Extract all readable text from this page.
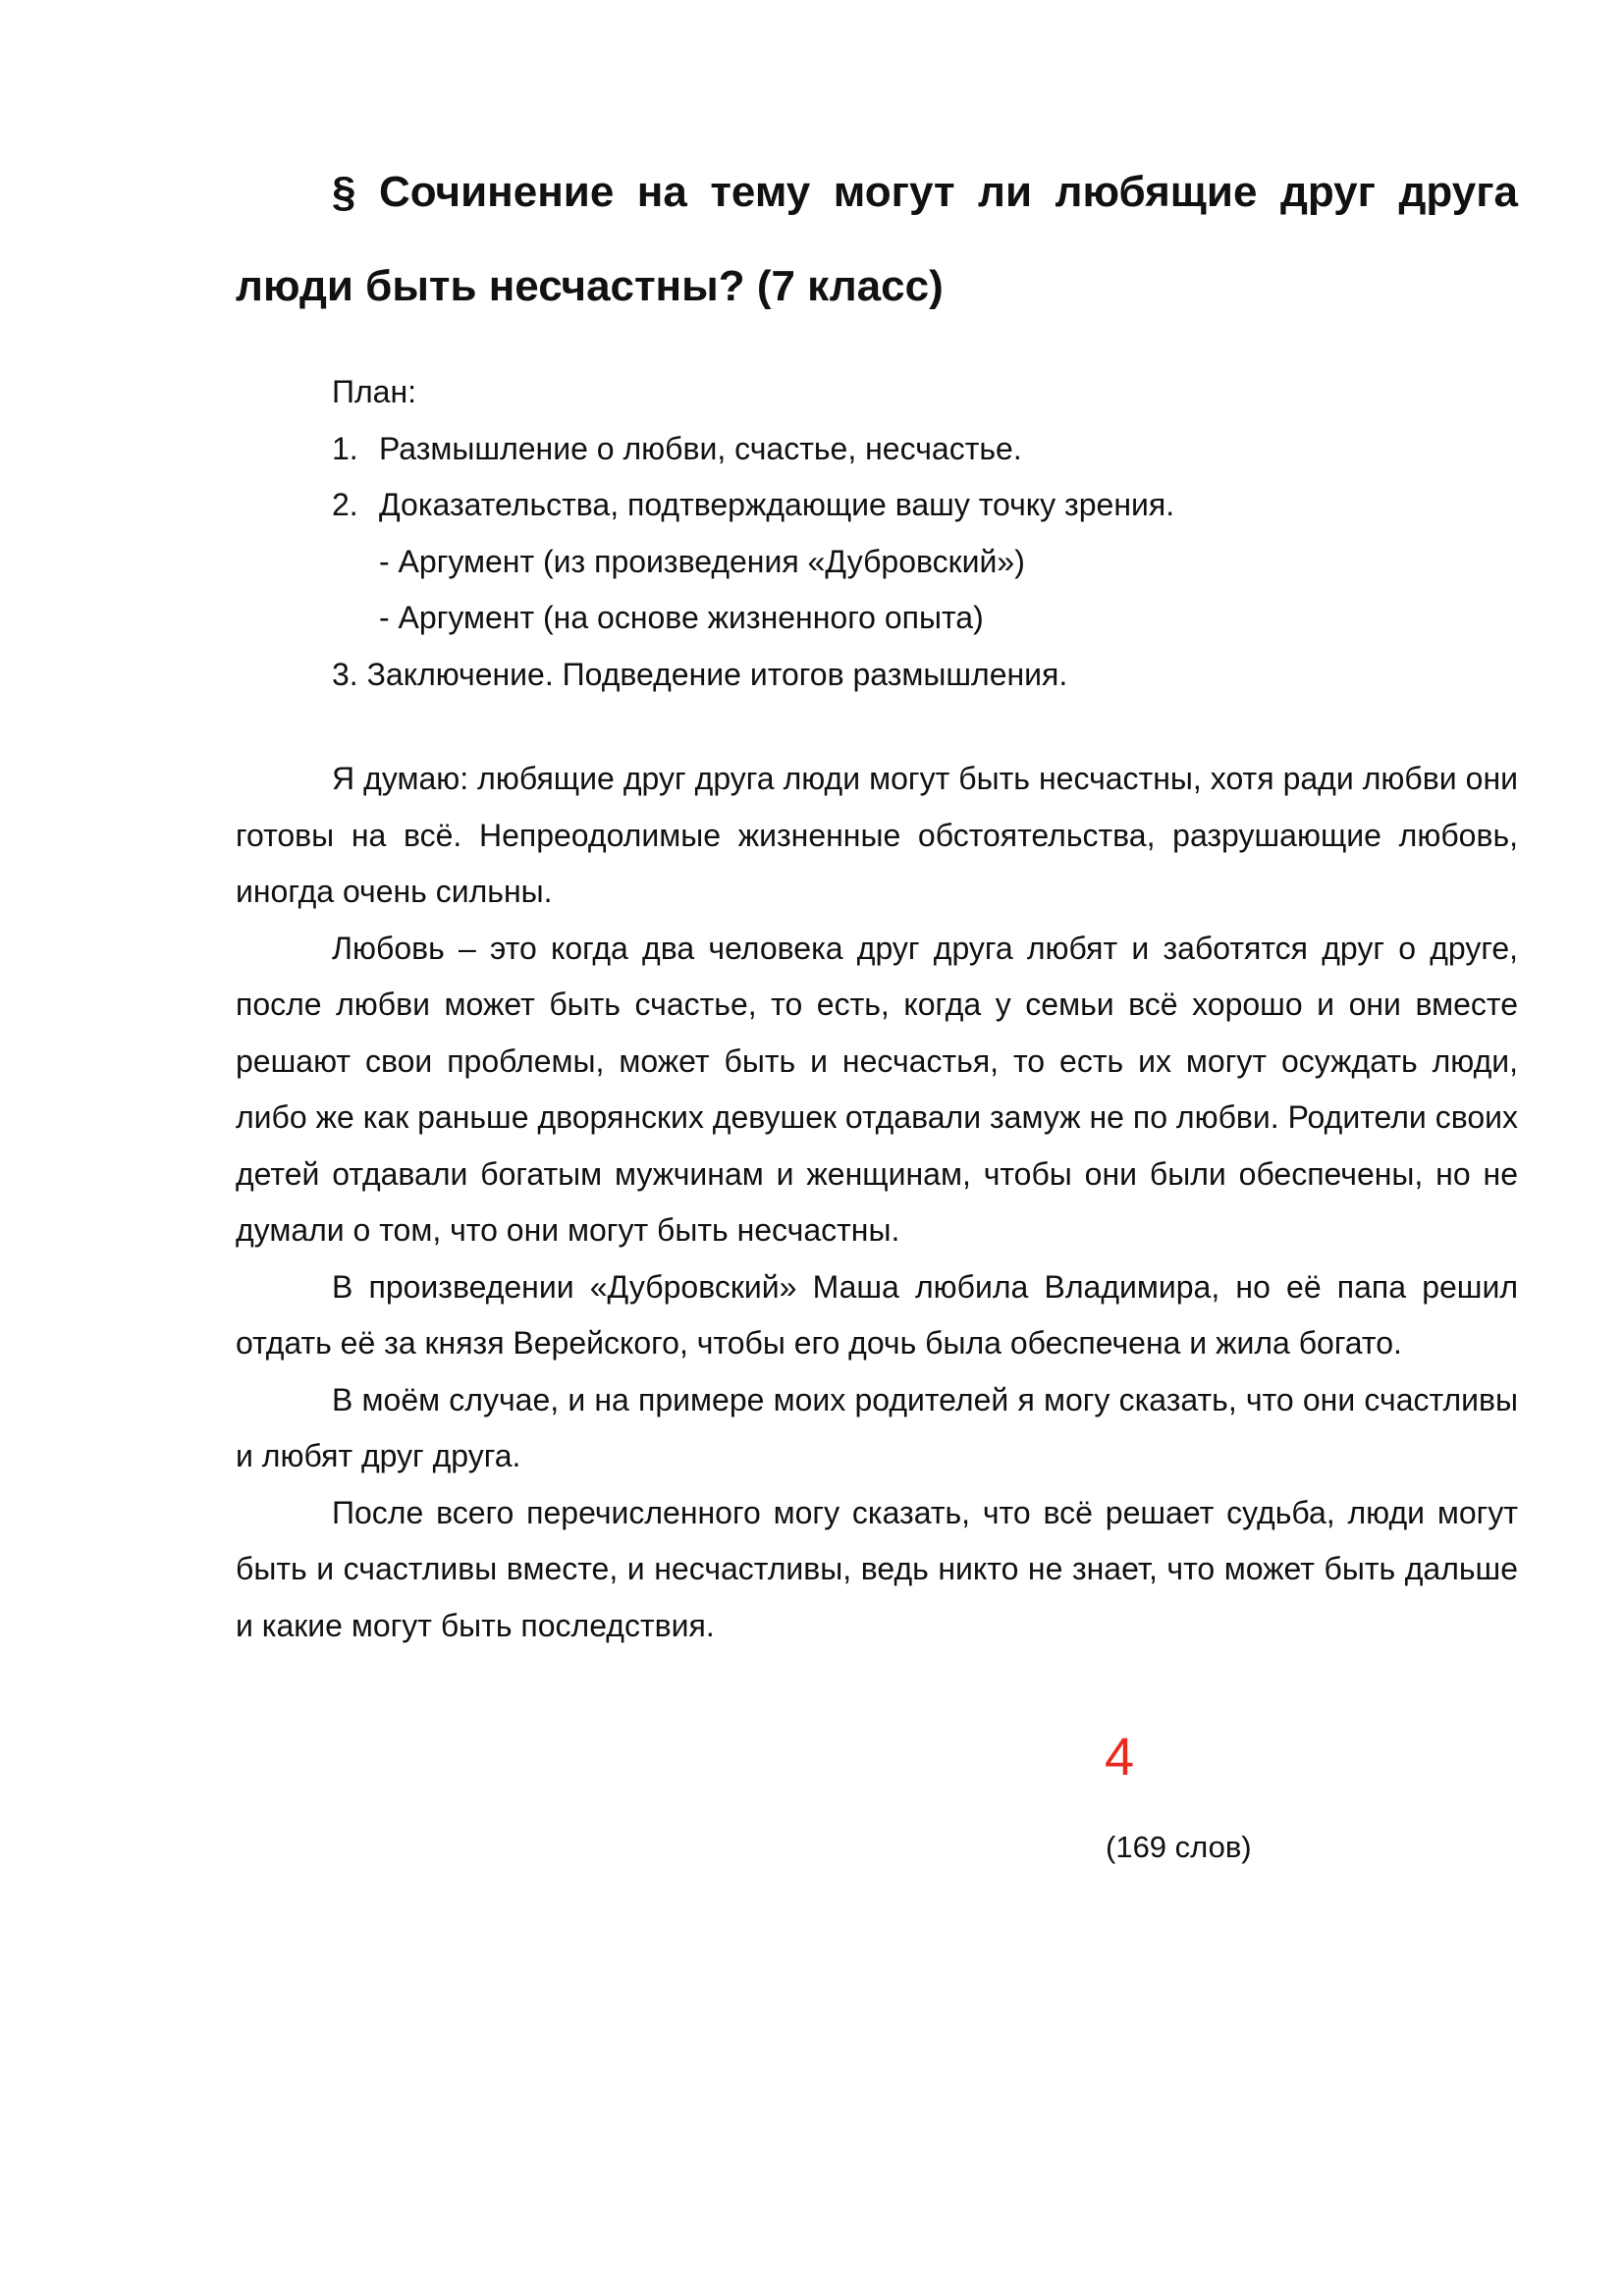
§ Сочинение на тему могут ли любящие друг друга люди быть несчастны? (7 класс)
План:
1. Размышление о любви, счастье, несчастье.
2. Доказательства, подтверждающие вашу точку зрения.
- Аргумент (из произведения «Дубровский»)
- Аргумент (на основе жизненного опыта)
3. Заключение. Подведение итогов размышления.

Я думаю: любящие друг друга люди могут быть несчастны, хотя ради любви они готовы на всё. Непреодолимые жизненные обстоятельства, разрушающие любовь, иногда очень сильны.

Любовь – это когда два человека друг друга любят и заботятся друг о друге, после любви может быть счастье, то есть, когда у семьи всё хорошо и они вместе решают свои проблемы, может быть и несчастья, то есть их могут осуждать люди, либо же как раньше дворянских девушек отдавали замуж не по любви. Родители своих детей отдавали богатым мужчинам и женщинам, чтобы они были обеспечены, но не думали о том, что они могут быть несчастны.

В произведении «Дубровский» Маша любила Владимира, но её папа решил отдать её за князя Верейского, чтобы его дочь была обеспечена и жила богато.

В моём случае, и на примере моих родителей я могу сказать, что они счастливы и любят друг друга.

После всего перечисленного могу сказать, что всё решает судьба, люди могут быть и счастливы вместе, и несчастливы, ведь никто не знает, что может быть дальше и какие могут быть последствия.

4
(169 слов)
